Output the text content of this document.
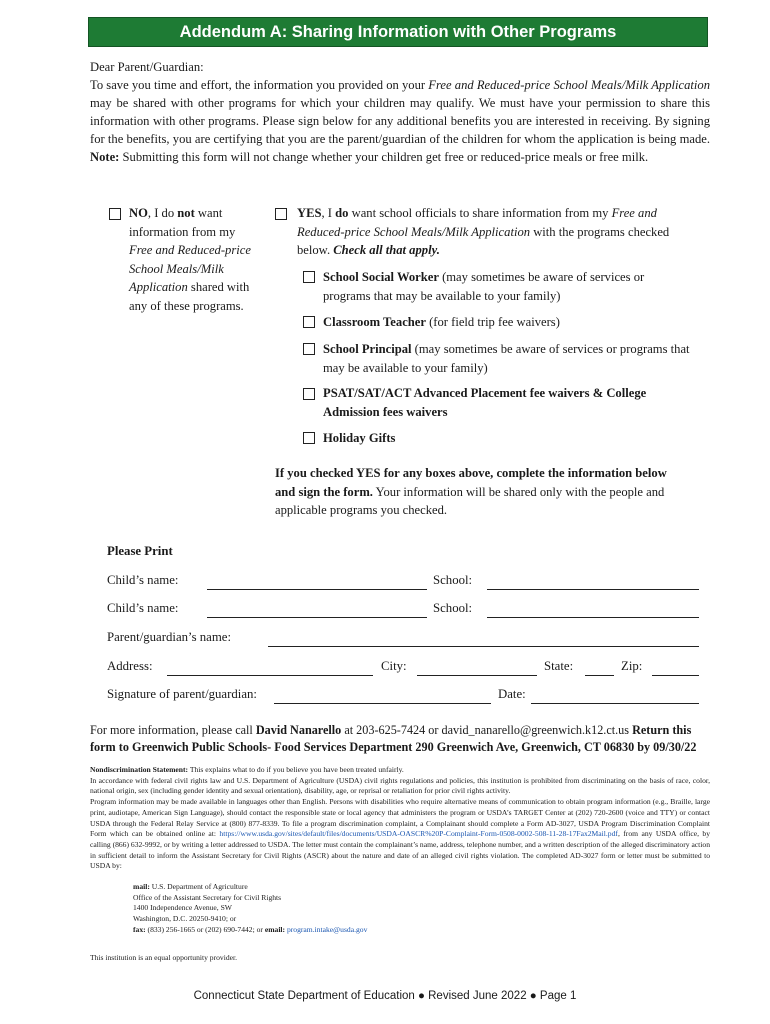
Addendum A: Sharing Information with Other Programs
Dear Parent/Guardian:
To save you time and effort, the information you provided on your Free and Reduced-price School Meals/Milk Application may be shared with other programs for which your children may qualify. We must have your permission to share this information with other programs. Please sign below for any additional benefits you are interested in receiving. By signing for the benefits, you are certifying that you are the parent/guardian of the children for whom the application is being made. Note: Submitting this form will not change whether your children get free or reduced-price meals or free milk.
NO, I do not want information from my Free and Reduced-price School Meals/Milk Application shared with any of these programs.
YES, I do want school officials to share information from my Free and Reduced-price School Meals/Milk Application with the programs checked below. Check all that apply.
School Social Worker (may sometimes be aware of services or programs that may be available to your family)
Classroom Teacher (for field trip fee waivers)
School Principal (may sometimes be aware of services or programs that may be available to your family)
PSAT/SAT/ACT Advanced Placement fee waivers & College Admission fees waivers
Holiday Gifts
If you checked YES for any boxes above, complete the information below and sign the form. Your information will be shared only with the people and applicable programs you checked.
Please Print
Child’s name:	School:
Child’s name:	School:
Parent/guardian’s name:
Address:	City:	State:	Zip:
Signature of parent/guardian:	Date:
For more information, please call David Nanarello at 203-625-7424 or david_nanarello@greenwich.k12.ct.us Return this form to Greenwich Public Schools- Food Services Department 290 Greenwich Ave, Greenwich, CT 06830 by 09/30/22
Nondiscrimination Statement: This explains what to do if you believe you have been treated unfairly.
In accordance with federal civil rights law and U.S. Department of Agriculture (USDA) civil rights regulations and policies, this institution is prohibited from discriminating on the basis of race, color, national origin, sex (including gender identity and sexual orientation), disability, age, or reprisal or retaliation for prior civil rights activity.
Program information may be made available in languages other than English. Persons with disabilities who require alternative means of communication to obtain program information (e.g., Braille, large print, audiotape, American Sign Language), should contact the responsible state or local agency that administers the program or USDA’s TARGET Center at (202) 720-2600 (voice and TTY) or contact USDA through the Federal Relay Service at (800) 877-8339. To file a program discrimination complaint, a Complainant should complete a Form AD-3027, USDA Program Discrimination Complaint Form which can be obtained online at: https://www.usda.gov/sites/default/files/documents/USDA-OASCR%20P-Complaint-Form-0508-0002-508-11-28-17Fax2Mail.pdf, from any USDA office, by calling (866) 632-9992, or by writing a letter addressed to USDA. The letter must contain the complainant’s name, address, telephone number, and a written description of the alleged discriminatory action in sufficient detail to inform the Assistant Secretary for Civil Rights (ASCR) about the nature and date of an alleged civil rights violation. The completed AD-3027 form or letter must be submitted to USDA by:
mail: U.S. Department of Agriculture
Office of the Assistant Secretary for Civil Rights
1400 Independence Avenue, SW
Washington, D.C. 20250-9410; or
fax: (833) 256-1665 or (202) 690-7442; or email: program.intake@usda.gov
This institution is an equal opportunity provider.
Connecticut State Department of Education ● Revised June 2022 ● Page 1
